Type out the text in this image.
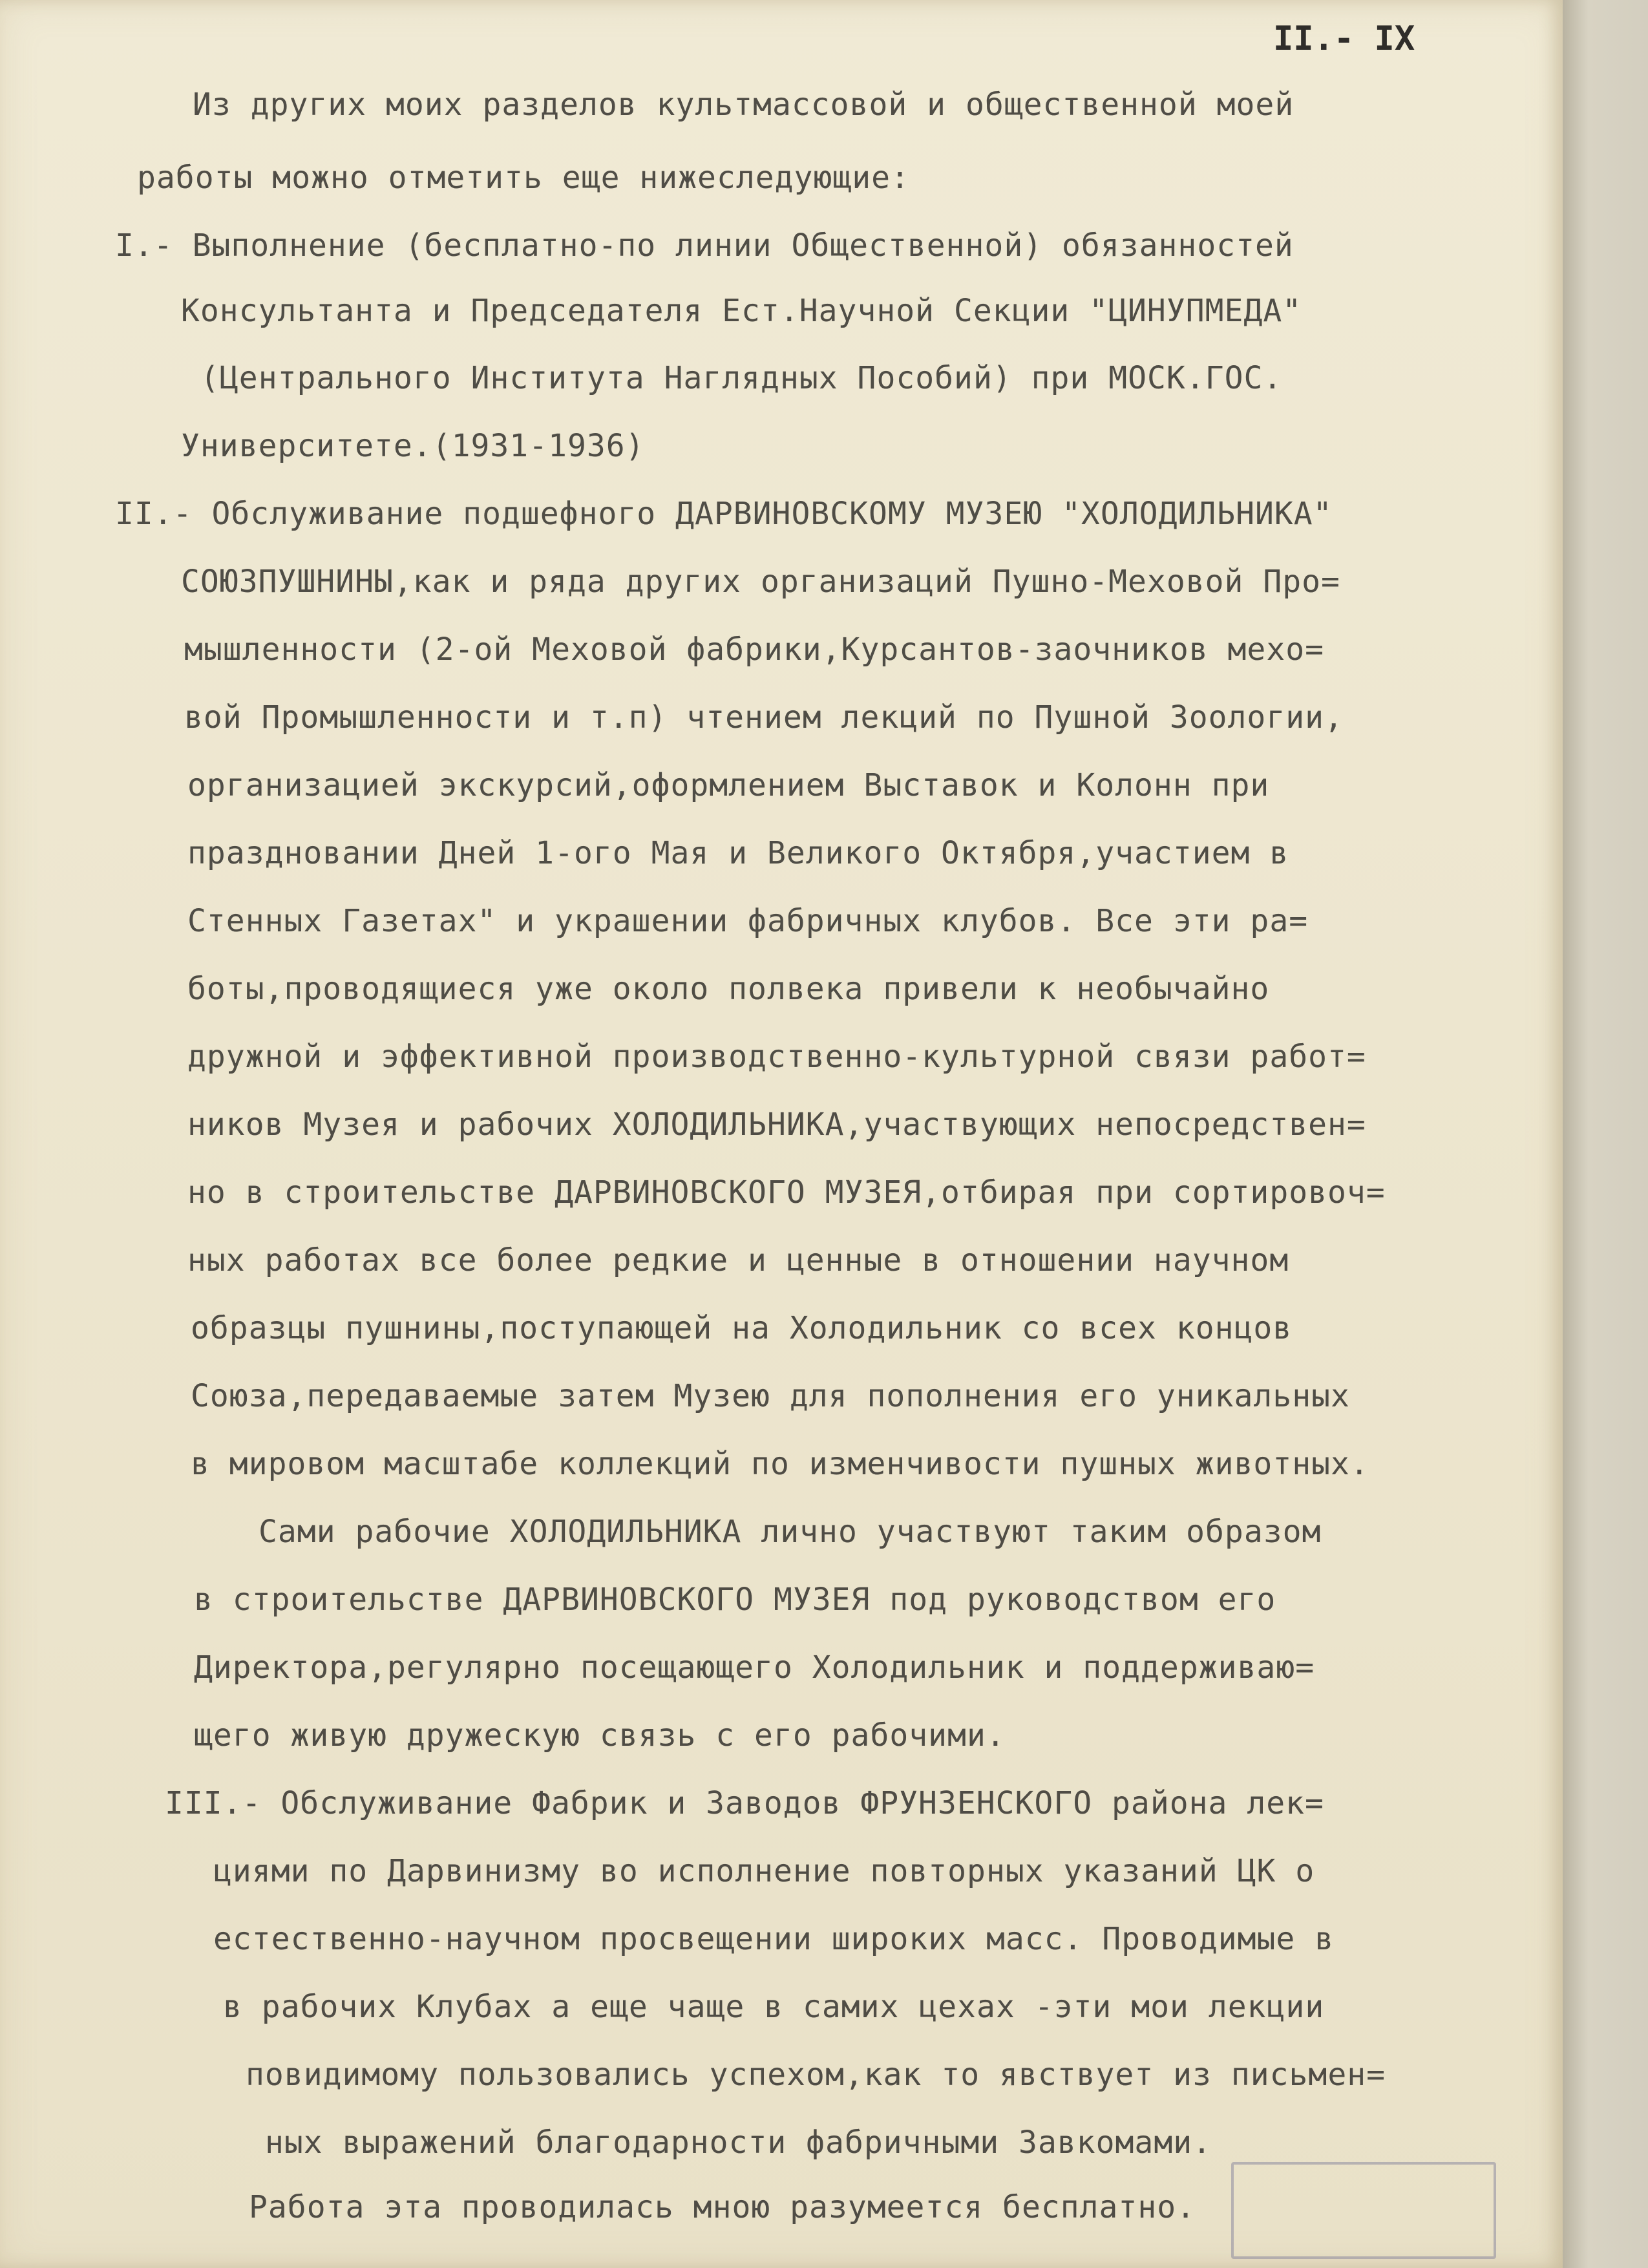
II.- IX
Из других моих разделов культмассовой и общественной моей
работы можно отметить еще нижеследующие:
I.- Выполнение (бесплатно-по линии Общественной) обязанностей
Консультанта и Председателя Ест.Научной Секции "ЦИНУПМЕДА"
(Центрального Института Наглядных Пособий) при МОСК.ГОС.
Университете.(1931-1936)
II.- Обслуживание подшефного ДАРВИНОВСКОМУ МУЗЕЮ "ХОЛОДИЛЬНИКА"
СОЮЗПУШНИНЫ,как и ряда других организаций Пушно-Меховой Про=
мышленности (2-ой Меховой фабрики,Курсантов-заочников мехо=
вой Промышленности и т.п) чтением лекций по Пушной Зоологии,
организацией экскурсий,оформлением Выставок и Колонн при
праздновании Дней 1-ого Мая и Великого Октября,участием в
Стенных Газетах" и украшении фабричных клубов. Все эти ра=
боты,проводящиеся уже около полвека привели к необычайно
дружной и эффективной производственно-культурной связи работ=
ников Музея и рабочих ХОЛОДИЛЬНИКА,участвующих непосредствен=
но в строительстве ДАРВИНОВСКОГО МУЗЕЯ,отбирая при сортировоч=
ных работах все более редкие и ценные в отношении научном
образцы пушнины,поступающей на Холодильник со всех концов
Союза,передаваемые затем Музею для пополнения его уникальных
в мировом масштабе коллекций по изменчивости пушных животных.
Сами рабочие ХОЛОДИЛЬНИКА лично участвуют таким образом
в строительстве ДАРВИНОВСКОГО МУЗЕЯ под руководством его
Директора,регулярно посещающего Холодильник и поддерживаю=
щего живую дружескую связь с его рабочими.
III.- Обслуживание Фабрик и Заводов ФРУНЗЕНСКОГО района лек=
циями по Дарвинизму во исполнение повторных указаний ЦК о
естественно-научном просвещении широких масс. Проводимые в
в рабочих Клубах а еще чаще в самих цехах -эти мои лекции
повидимому пользовались успехом,как то явствует из письмен=
ных выражений благодарности фабричными Завкомами.
Работа эта проводилась мною разумеется бесплатно.
